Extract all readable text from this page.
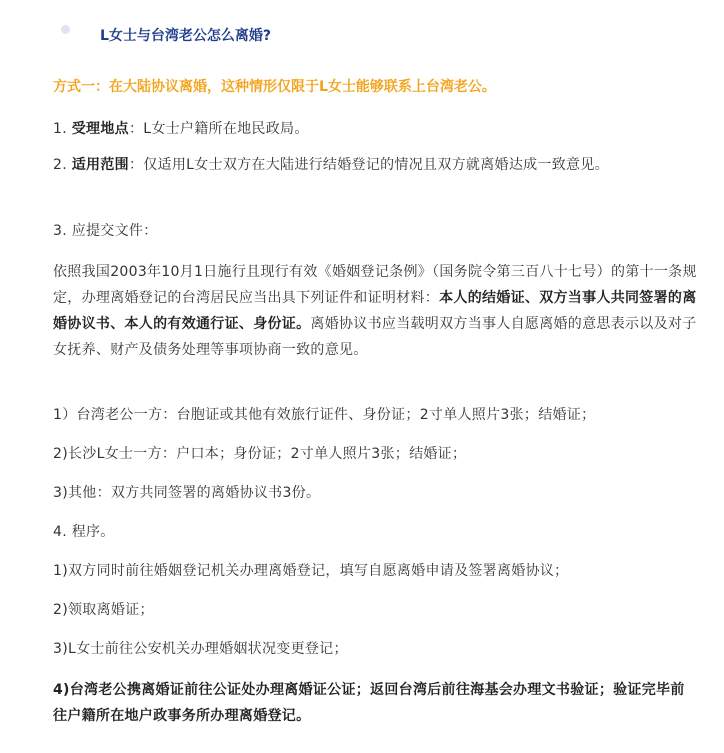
L女士与台湾老公怎么离婚?
方式一：在大陆协议离婚，这种情形仅限于L女士能够联系上台湾老公。
1. 受理地点：L女士户籍所在地民政局。
2. 适用范围：仅适用L女士双方在大陆进行结婚登记的情况且双方就离婚达成一致意见。
3. 应提交文件：
依照我国2003年10月1日施行且现行有效《婚姻登记条例》（国务院令第三百八十七号）的第十一条规定，办理离婚登记的台湾居民应当出具下列证件和证明材料：本人的结婚证、双方当事人共同签署的离婚协议书、本人的有效通行证、身份证。离婚协议书应当载明双方当事人自愿离婚的意思表示以及对子女抚养、财产及债务处理等事项协商一致的意见。
1）台湾老公一方：台胞证或其他有效旅行证件、身份证；2寸单人照片3张；结婚证；
2)长沙L女士一方：户口本；身份证；2寸单人照片3张；结婚证；
3)其他：双方共同签署的离婚协议书3份。
4. 程序。
1)双方同时前往婚姻登记机关办理离婚登记，填写自愿离婚申请及签署离婚协议；
2)领取离婚证；
3)L女士前往公安机关办理婚姻状况变更登记；
4)台湾老公携离婚证前往公证处办理离婚证公证；返回台湾后前往海基会办理文书验证；验证完毕前往户籍所在地户政事务所办理离婚登记。
